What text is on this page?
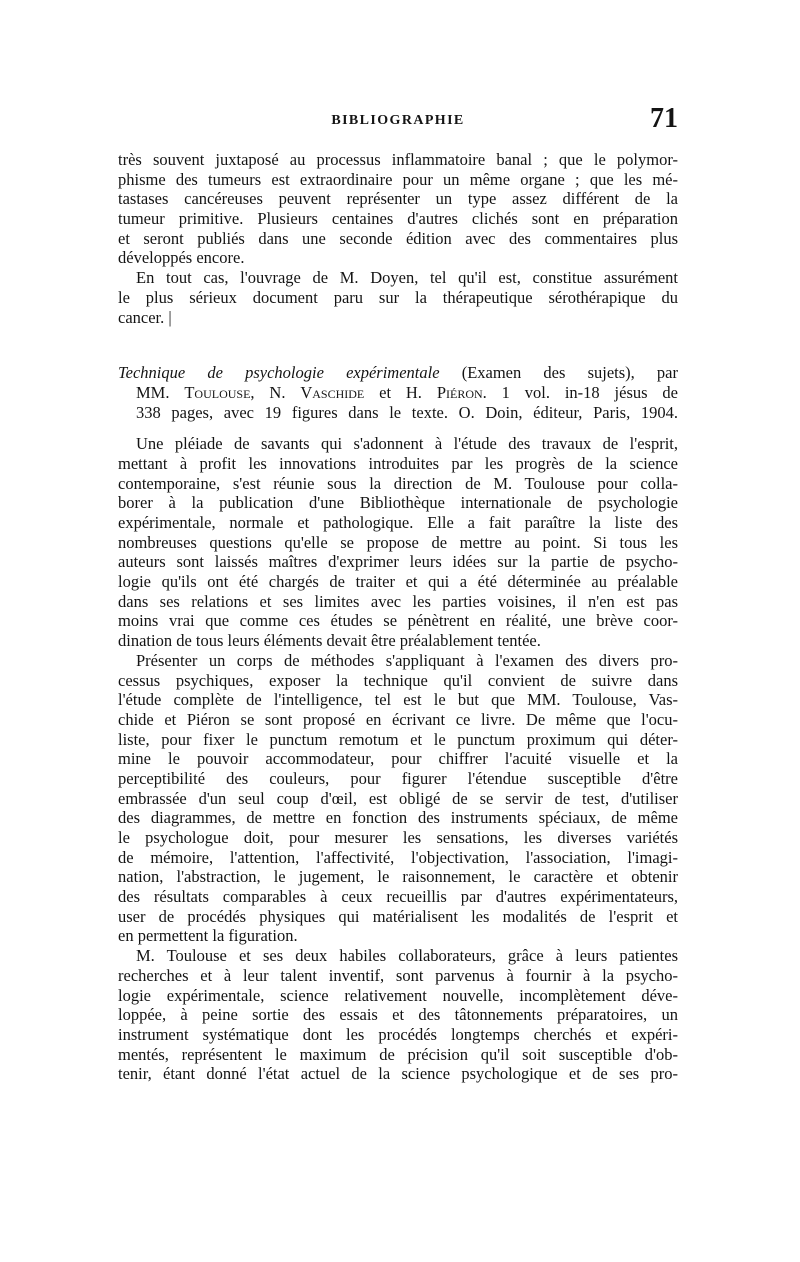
BIBLIOGRAPHIE	71
très souvent juxtaposé au processus inflammatoire banal ; que le polymor-
phisme des tumeurs est extraordinaire pour un même organe ; que les mé-
tastases cancéreuses peuvent représenter un type assez différent de la
tumeur primitive. Plusieurs centaines d'autres clichés sont en préparation
et seront publiés dans une seconde édition avec des commentaires plus
développés encore.
En tout cas, l'ouvrage de M. Doyen, tel qu'il est, constitue assurément
le plus sérieux document paru sur la thérapeutique sérothérapique du
cancer. |
Technique de psychologie expérimentale (Examen des sujets), par
MM. Toulouse, N. Vaschide et H. Piéron. 1 vol. in-18 jésus de
338 pages, avec 19 figures dans le texte. O. Doin, éditeur, Paris, 1904.
Une pléiade de savants qui s'adonnent à l'étude des travaux de l'esprit,
mettant à profit les innovations introduites par les progrès de la science
contemporaine, s'est réunie sous la direction de M. Toulouse pour colla-
borer à la publication d'une Bibliothèque internationale de psychologie
expérimentale, normale et pathologique. Elle a fait paraître la liste des
nombreuses questions qu'elle se propose de mettre au point. Si tous les
auteurs sont laissés maîtres d'exprimer leurs idées sur la partie de psycho-
logie qu'ils ont été chargés de traiter et qui a été déterminée au préalable
dans ses relations et ses limites avec les parties voisines, il n'en est pas
moins vrai que comme ces études se pénètrent en réalité, une brève coor-
dination de tous leurs éléments devait être préalablement tentée.
Présenter un corps de méthodes s'appliquant à l'examen des divers pro-
cessus psychiques, exposer la technique qu'il convient de suivre dans
l'étude complète de l'intelligence, tel est le but que MM. Toulouse, Vas-
chide et Piéron se sont proposé en écrivant ce livre. De même que l'ocu-
liste, pour fixer le punctum remotum et le punctum proximum qui déter-
mine le pouvoir accommodateur, pour chiffrer l'acuité visuelle et la
perceptibilité des couleurs, pour figurer l'étendue susceptible d'être
embrassée d'un seul coup d'œil, est obligé de se servir de test, d'utiliser
des diagrammes, de mettre en fonction des instruments spéciaux, de même
le psychologue doit, pour mesurer les sensations, les diverses variétés
de mémoire, l'attention, l'affectivité, l'objectivation, l'association, l'imagi-
nation, l'abstraction, le jugement, le raisonnement, le caractère et obtenir
des résultats comparables à ceux recueillis par d'autres expérimentateurs,
user de procédés physiques qui matérialisent les modalités de l'esprit et
en permettent la figuration.
M. Toulouse et ses deux habiles collaborateurs, grâce à leurs patientes
recherches et à leur talent inventif, sont parvenus à fournir à la psycho-
logie expérimentale, science relativement nouvelle, incomplètement déve-
loppée, à peine sortie des essais et des tâtonnements préparatoires, un
instrument systématique dont les procédés longtemps cherchés et expéri-
mentés, représentent le maximum de précision qu'il soit susceptible d'ob-
tenir, étant donné l'état actuel de la science psychologique et de ses pro-
